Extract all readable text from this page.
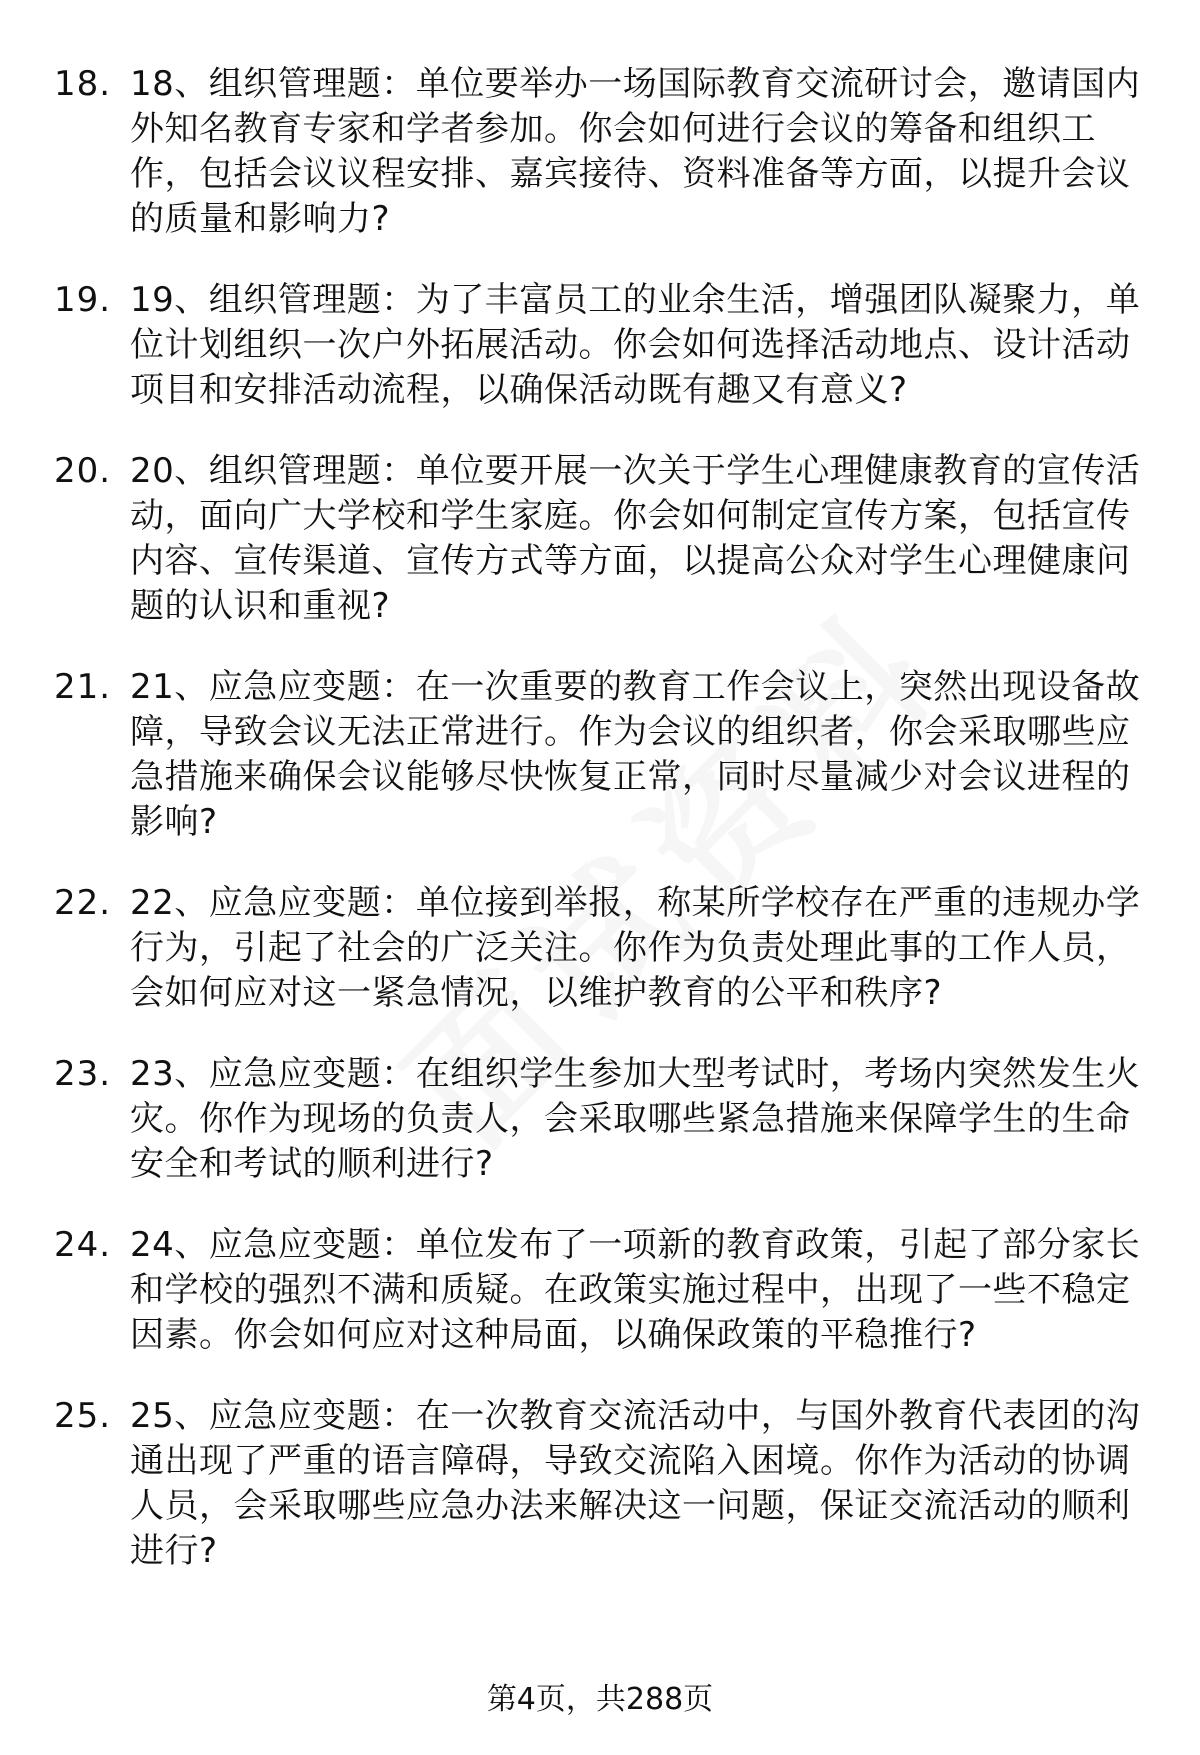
18. 18、组织管理题：单位要举办一场国际教育交流研讨会，邀请国内外知名教育专家和学者参加。你会如何进行会议的筹备和组织工作，包括会议议程安排、嘉宾接待、资料准备等方面，以提升会议的质量和影响力?
19. 19、组织管理题：为了丰富员工的业余生活，增强团队凝聚力，单位计划组织一次户外拓展活动。你会如何选择活动地点、设计活动项目和安排活动流程，以确保活动既有趣又有意义?
20. 20、组织管理题：单位要开展一次关于学生心理健康教育的宣传活动，面向广大学校和学生家庭。你会如何制定宣传方案，包括宣传内容、宣传渠道、宣传方式等方面，以提高公众对学生心理健康问题的认识和重视?
21. 21、应急应变题：在一次重要的教育工作会议上，突然出现设备故障，导致会议无法正常进行。作为会议的组织者，你会采取哪些应急措施来确保会议能够尽快恢复正常，同时尽量减少对会议进程的影响?
22. 22、应急应变题：单位接到举报，称某所学校存在严重的违规办学行为，引起了社会的广泛关注。你作为负责处理此事的工作人员，会如何应对这一紧急情况，以维护教育的公平和秩序?
23. 23、应急应变题：在组织学生参加大型考试时，考场内突然发生火灾。你作为现场的负责人，会采取哪些紧急措施来保障学生的生命安全和考试的顺利进行?
24. 24、应急应变题：单位发布了一项新的教育政策，引起了部分家长和学校的强烈不满和质疑。在政策实施过程中，出现了一些不稳定因素。你会如何应对这种局面，以确保政策的平稳推行?
25. 25、应急应变题：在一次教育交流活动中，与国外教育代表团的沟通出现了严重的语言障碍，导致交流陷入困境。你作为活动的协调人员，会采取哪些应急办法来解决这一问题，保证交流活动的顺利进行?
第4页，共288页
